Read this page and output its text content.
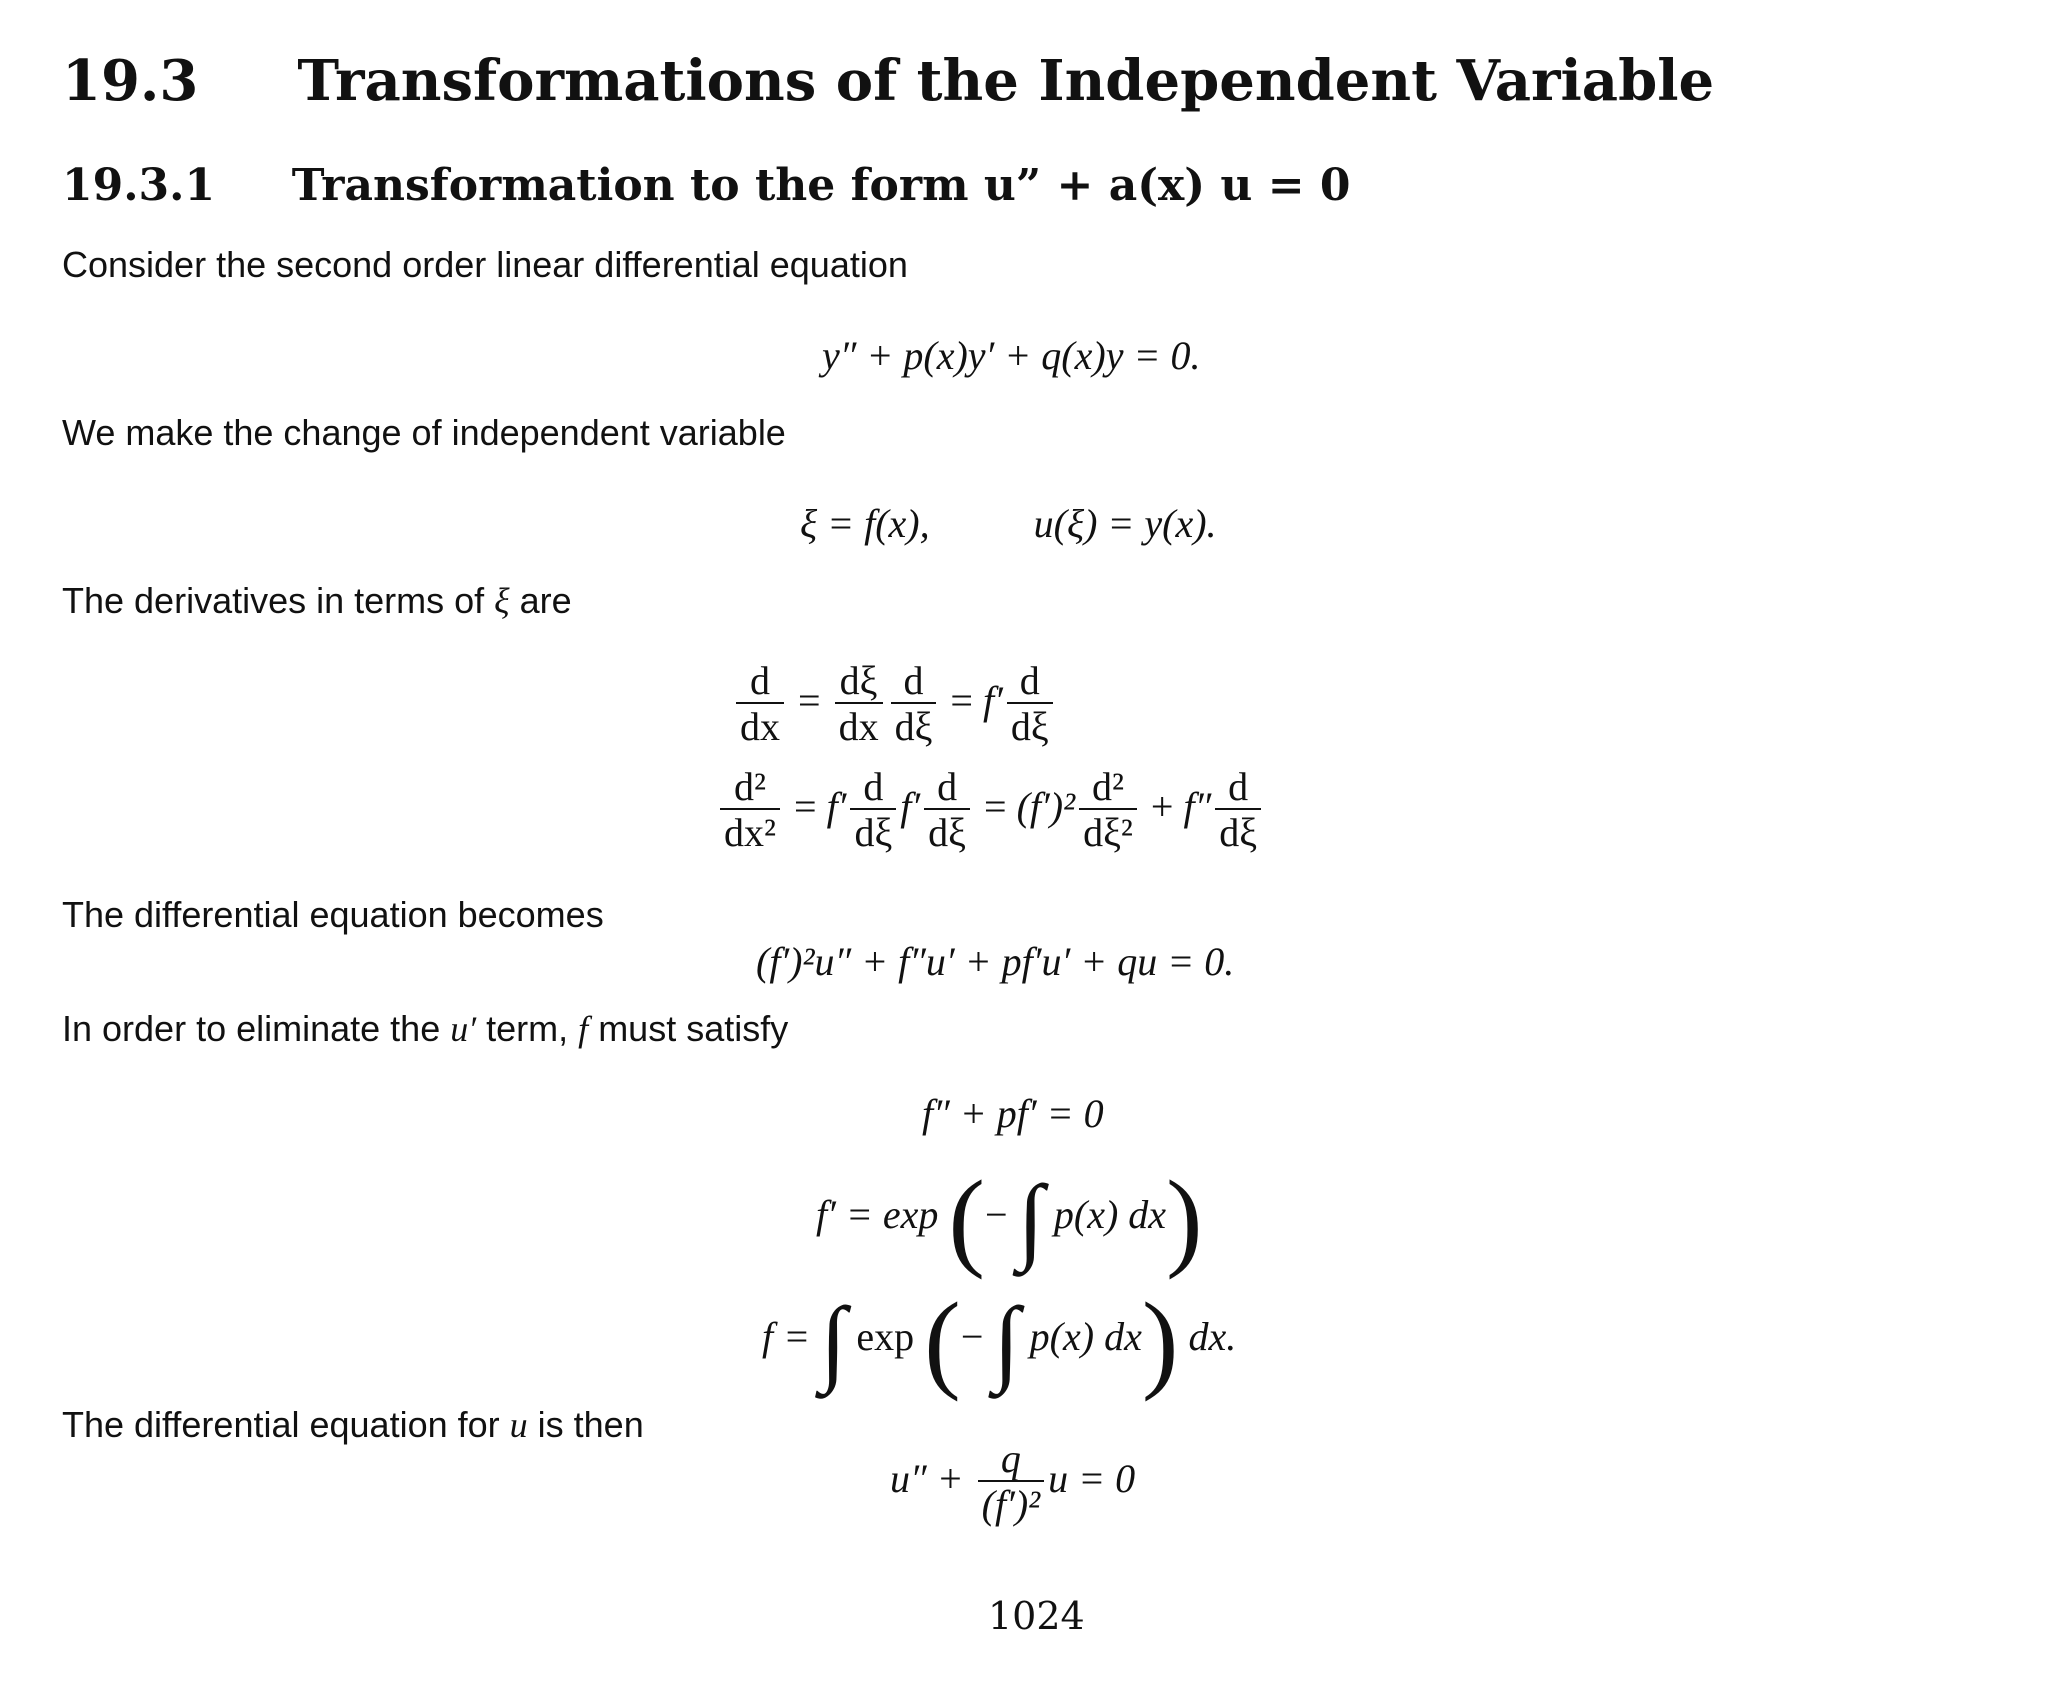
19.3 Transformations of the Independent Variable
19.3.1 Transformation to the form u” + a(x) u = 0
Consider the second order linear differential equation
y″ + p(x)y′ + q(x)y = 0.
We make the change of independent variable
ξ = f(x),	u(ξ) = y(x).
The derivatives in terms of ξ are
$\frac{d}{dx} = \frac{d\xi}{dx} \frac{d}{d\xi} = f' \frac{d}{d\xi}$
$\frac{\text{d²}}{\text{dx²}} = f' \frac{d}{d\xi} f' \frac{d}{d\xi} = (f')^2 \frac{\text{d²}}{\text{dξ²}} + f'' \frac{d}{d\xi}$
The differential equation becomes
(f′)²u″ + f″u′ + pf′u′ + qu = 0.
In order to eliminate the u′ term, f must satisfy
f″ + pf′ = 0
f′ = exp (− ∫ p(x) dx)
f = ∫ exp (− ∫ p(x) dx) dx.
The differential equation for u is then
$u'' + \frac{q}{\text{(f′)²}}$ u = 0
1024
